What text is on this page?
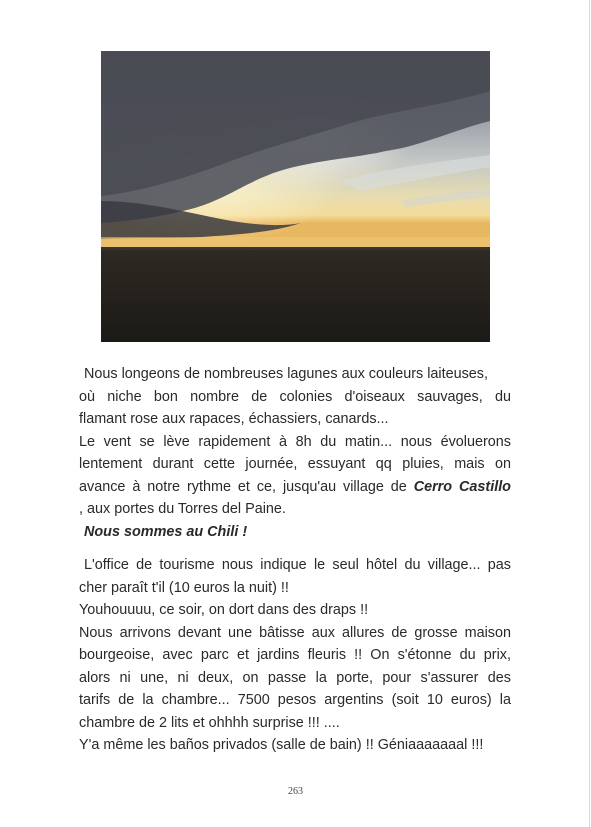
Nous longeons de nombreuses lagunes aux couleurs laiteuses,
où niche bon nombre de colonies d'oiseaux sauvages, du
flamant rose aux rapaces, échassiers, canards...
Le vent se lève rapidement à 8h du matin... nous évoluerons
lentement durant cette journée, essuyant qq pluies, mais on
avance à notre rythme et ce, jusqu'au village de Cerro Castillo
, aux portes du Torres del Paine.
Nous sommes au Chili !
L'office de tourisme nous indique le seul hôtel du village... pas
cher paraît t'il (10 euros la nuit) !!
Youhouuuu, ce soir, on dort dans des draps !!
Nous arrivons devant une bâtisse aux allures de grosse maison
bourgeoise, avec parc et jardins fleuris !! On s'étonne du prix,
alors ni une, ni deux, on passe la porte, pour s'assurer des
tarifs de la chambre... 7500 pesos argentins (soit 10 euros) la
chambre de 2 lits et ohhhh surprise !!! ....
Y'a même les baños privados (salle de bain) !! Géniaaaaaaal !!!
263
